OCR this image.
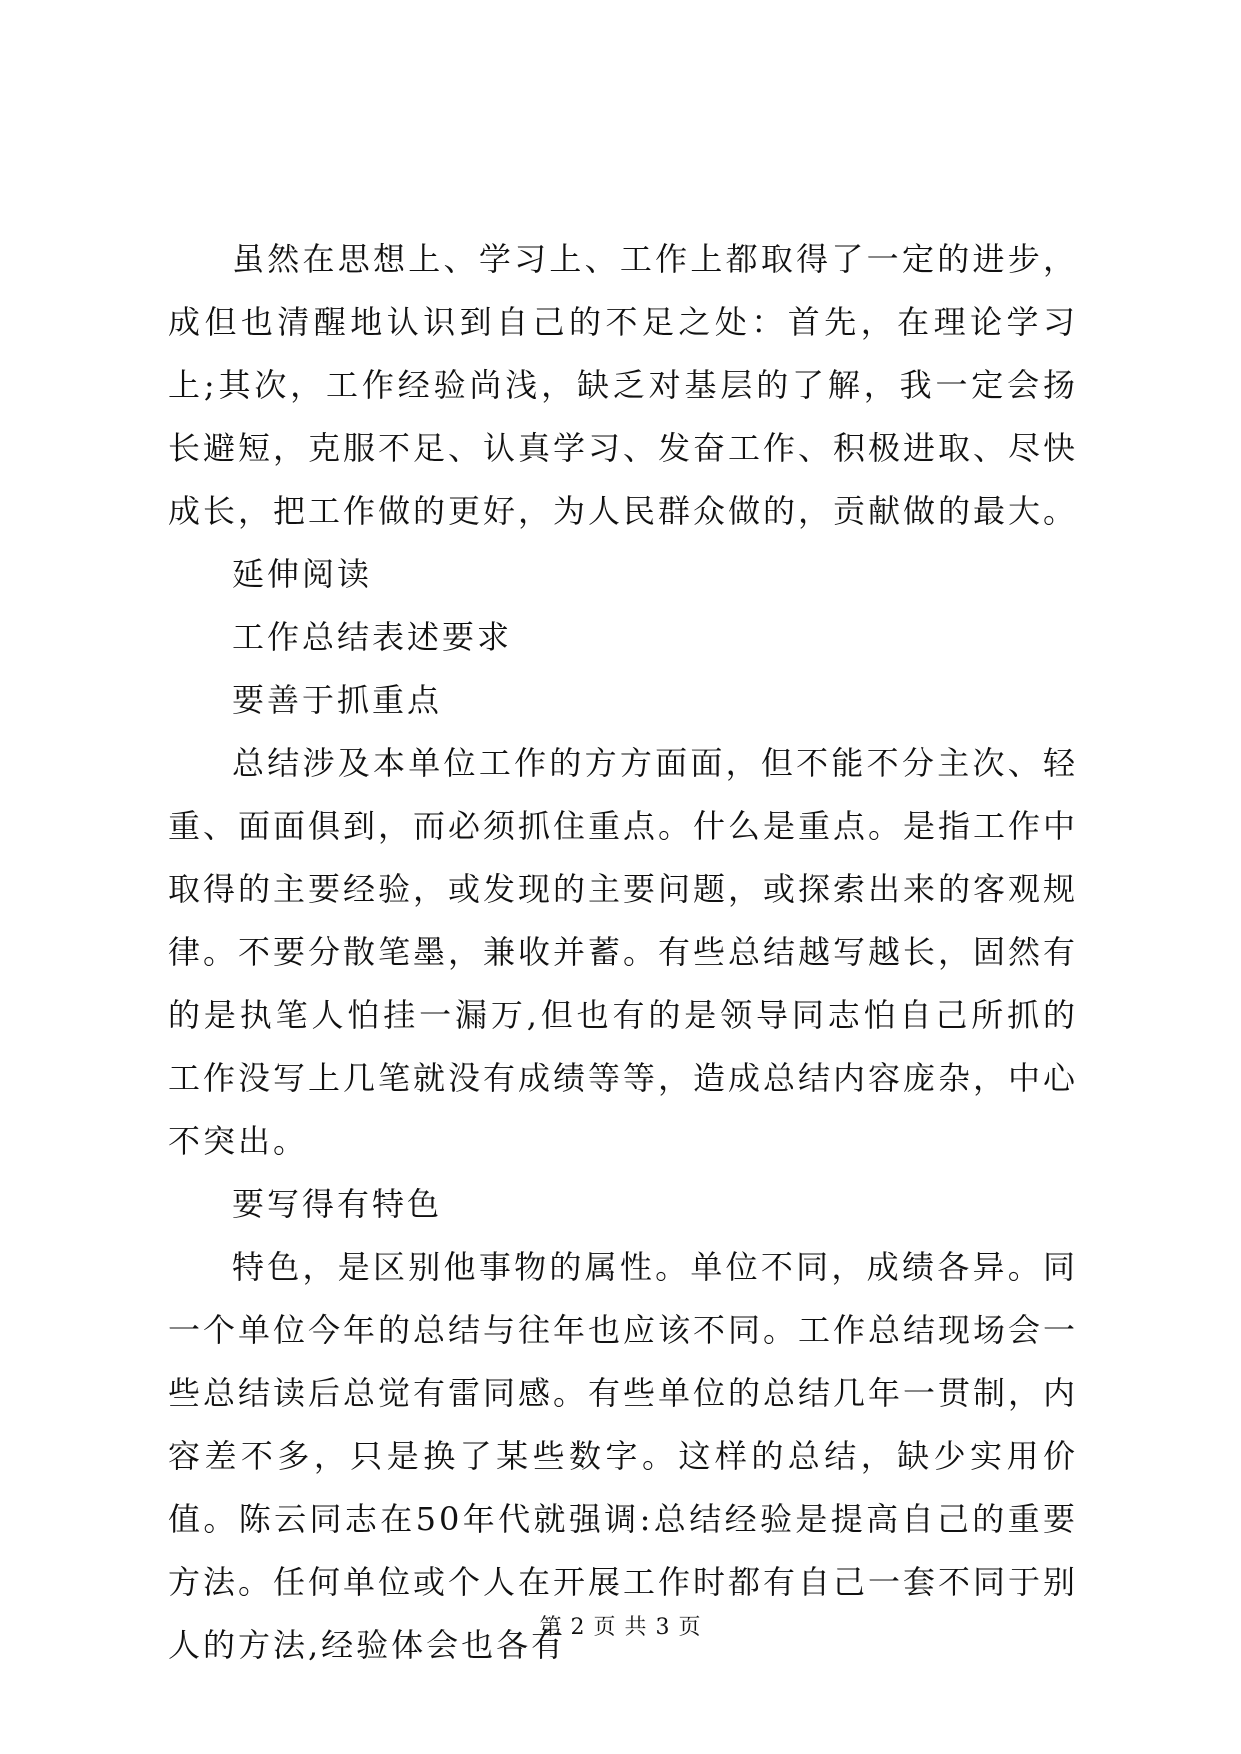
虽然在思想上、学习上、工作上都取得了一定的进步，成但也清醒地认识到自己的不足之处：首先，在理论学习上;其次，工作经验尚浅，缺乏对基层的了解，我一定会扬长避短，克服不足、认真学习、发奋工作、积极进取、尽快成长，把工作做的更好，为人民群众做的，贡献做的最大。

延伸阅读

工作总结表述要求

要善于抓重点

总结涉及本单位工作的方方面面，但不能不分主次、轻重、面面俱到，而必须抓住重点。什么是重点。是指工作中取得的主要经验，或发现的主要问题，或探索出来的客观规律。不要分散笔墨，兼收并蓄。有些总结越写越长，固然有的是执笔人怕挂一漏万,但也有的是领导同志怕自己所抓的工作没写上几笔就没有成绩等等，造成总结内容庞杂，中心不突出。

要写得有特色

特色，是区别他事物的属性。单位不同，成绩各异。同一个单位今年的总结与往年也应该不同。工作总结现场会一些总结读后总觉有雷同感。有些单位的总结几年一贯制，内容差不多，只是换了某些数字。这样的总结，缺少实用价值。陈云同志在50年代就强调:总结经验是提高自己的重要方法。任何单位或个人在开展工作时都有自己一套不同于别人的方法,经验体会也各有

第 2 页 共 3 页
